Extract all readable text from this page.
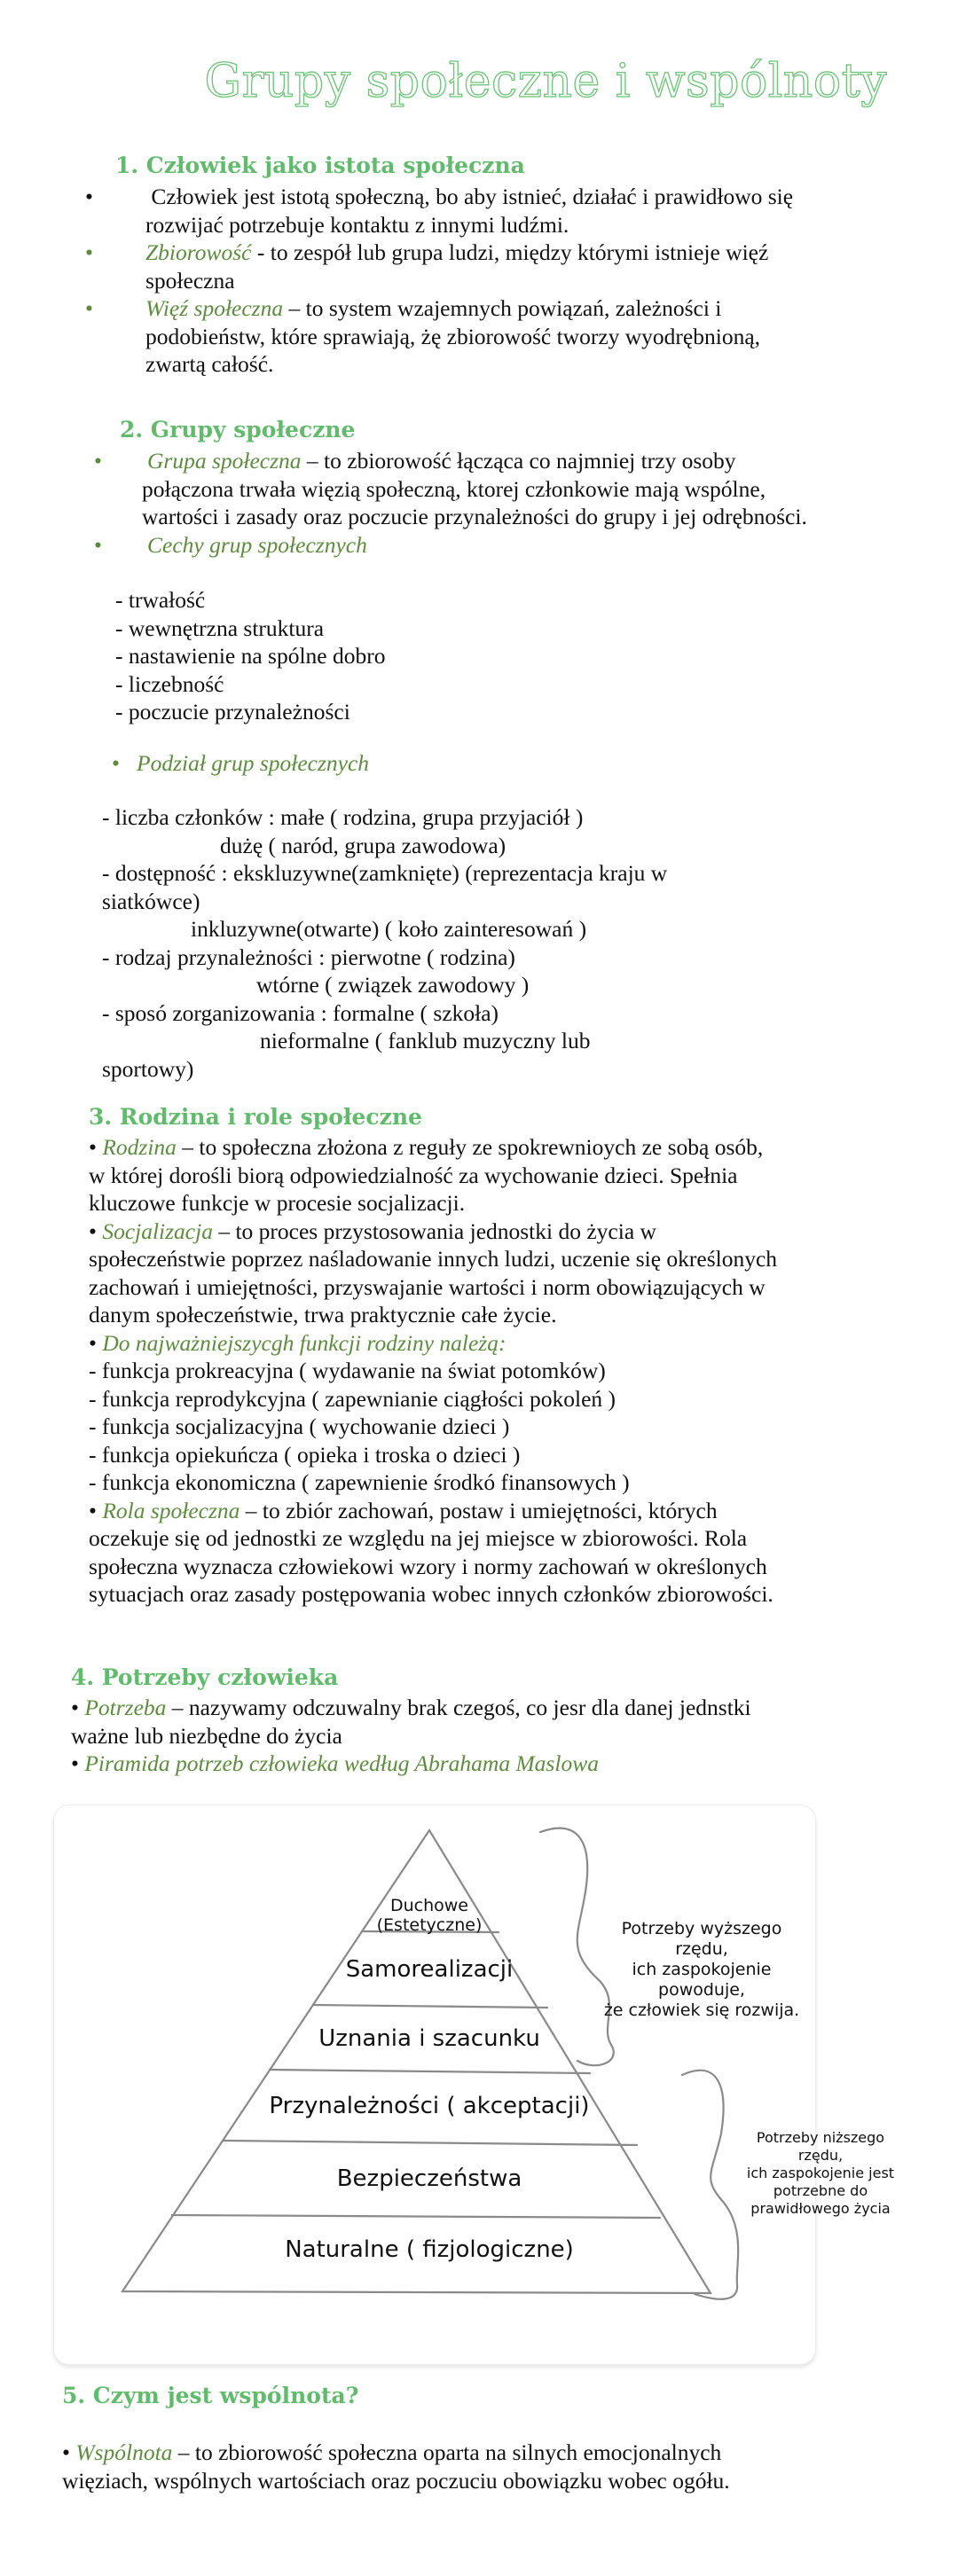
Grupy społeczne i wspólnoty
1. Człowiek jako istota społeczna
• Człowiek jest istotą społeczną, bo aby istnieć, działać i prawidłowo się rozwijać potrzebuje kontaktu z innymi ludźmi.
• Zbiorowość - to zespół lub grupa ludzi, między którymi istnieje więź społeczna
• Więź społeczna – to system wzajemnych powiązań, zależności i podobieństw, które sprawiają, żę zbiorowość tworzy wyodrębnioną, zwartą całość.
2. Grupy społeczne
• Grupa społeczna – to zbiorowość łącząca co najmniej trzy osoby połączona trwała więzią społeczną, ktorej członkowie mają wspólne, wartości i zasady oraz poczucie przynależności do grupy i jej odrębności.
• Cechy grup społecznych
- trwałość
- wewnętrzna struktura
- nastawienie na spólne dobro
- liczebność
- poczucie przynależności
• Podział grup społecznych
- liczba członków : małe ( rodzina, grupa przyjaciół )
dużę ( naród, grupa zawodowa)
- dostępność : ekskluzywne(zamknięte) (reprezentacja kraju w
siatkówce)
inkluzywne(otwarte) ( koło zainteresowań )
- rodzaj przynależności : pierwotne ( rodzina)
wtórne ( związek zawodowy )
- sposó zorganizowania : formalne ( szkoła)
nieformalne ( fanklub muzyczny lub
sportowy)
3. Rodzina i role społeczne
• Rodzina – to społeczna złożona z reguły ze spokrewnioych ze sobą osób, w której dorośli biorą odpowiedzialność za wychowanie dzieci. Spełnia kluczowe funkcje w procesie socjalizacji.
• Socjalizacja – to proces przystosowania jednostki do życia w społeczeństwie poprzez naśladowanie innych ludzi, uczenie się określonych zachowań i umiejętności, przyswajanie wartości i norm obowiązujących w danym społeczeństwie, trwa praktycznie całe życie.
• Do najważniejszycgh funkcji rodziny należą:
- funkcja prokreacyjna ( wydawanie na świat potomków)
- funkcja reprodykcyjna ( zapewnianie ciągłości pokoleń )
- funkcja socjalizacyjna ( wychowanie dzieci )
- funkcja opiekuńcza ( opieka i troska o dzieci )
- funkcja ekonomiczna ( zapewnienie środkó finansowych )
• Rola społeczna – to zbiór zachowań, postaw i umiejętności, których oczekuje się od jednostki ze względu na jej miejsce w zbiorowości. Rola społeczna wyznacza człowiekowi wzory i normy zachowań w określonych sytuacjach oraz zasady postępowania wobec innych członków zbiorowości.
4. Potrzeby człowieka
• Potrzeba – nazywamy odczuwalny brak czegoś, co jesr dla danej jednstki ważne lub niezbędne do życia
• Piramida potrzeb człowieka według Abrahama Maslowa
Duchowe
(Estetyczne)
Samorealizacji
Uznania i szacunku
Przynależności ( akceptacji)
Bezpieczeństwa
Naturalne ( fizjologiczne)
Potrzeby wyższego
rzędu,
ich zaspokojenie
powoduje,
że człowiek się rozwija.
Potrzeby niższego
rzędu,
ich zaspokojenie jest
potrzebne do
prawidłowego życia
5. Czym jest wspólnota?
• Wspólnota – to zbiorowość społeczna oparta na silnych emocjonalnych więziach, wspólnych wartościach oraz poczuciu obowiązku wobec ogółu.
